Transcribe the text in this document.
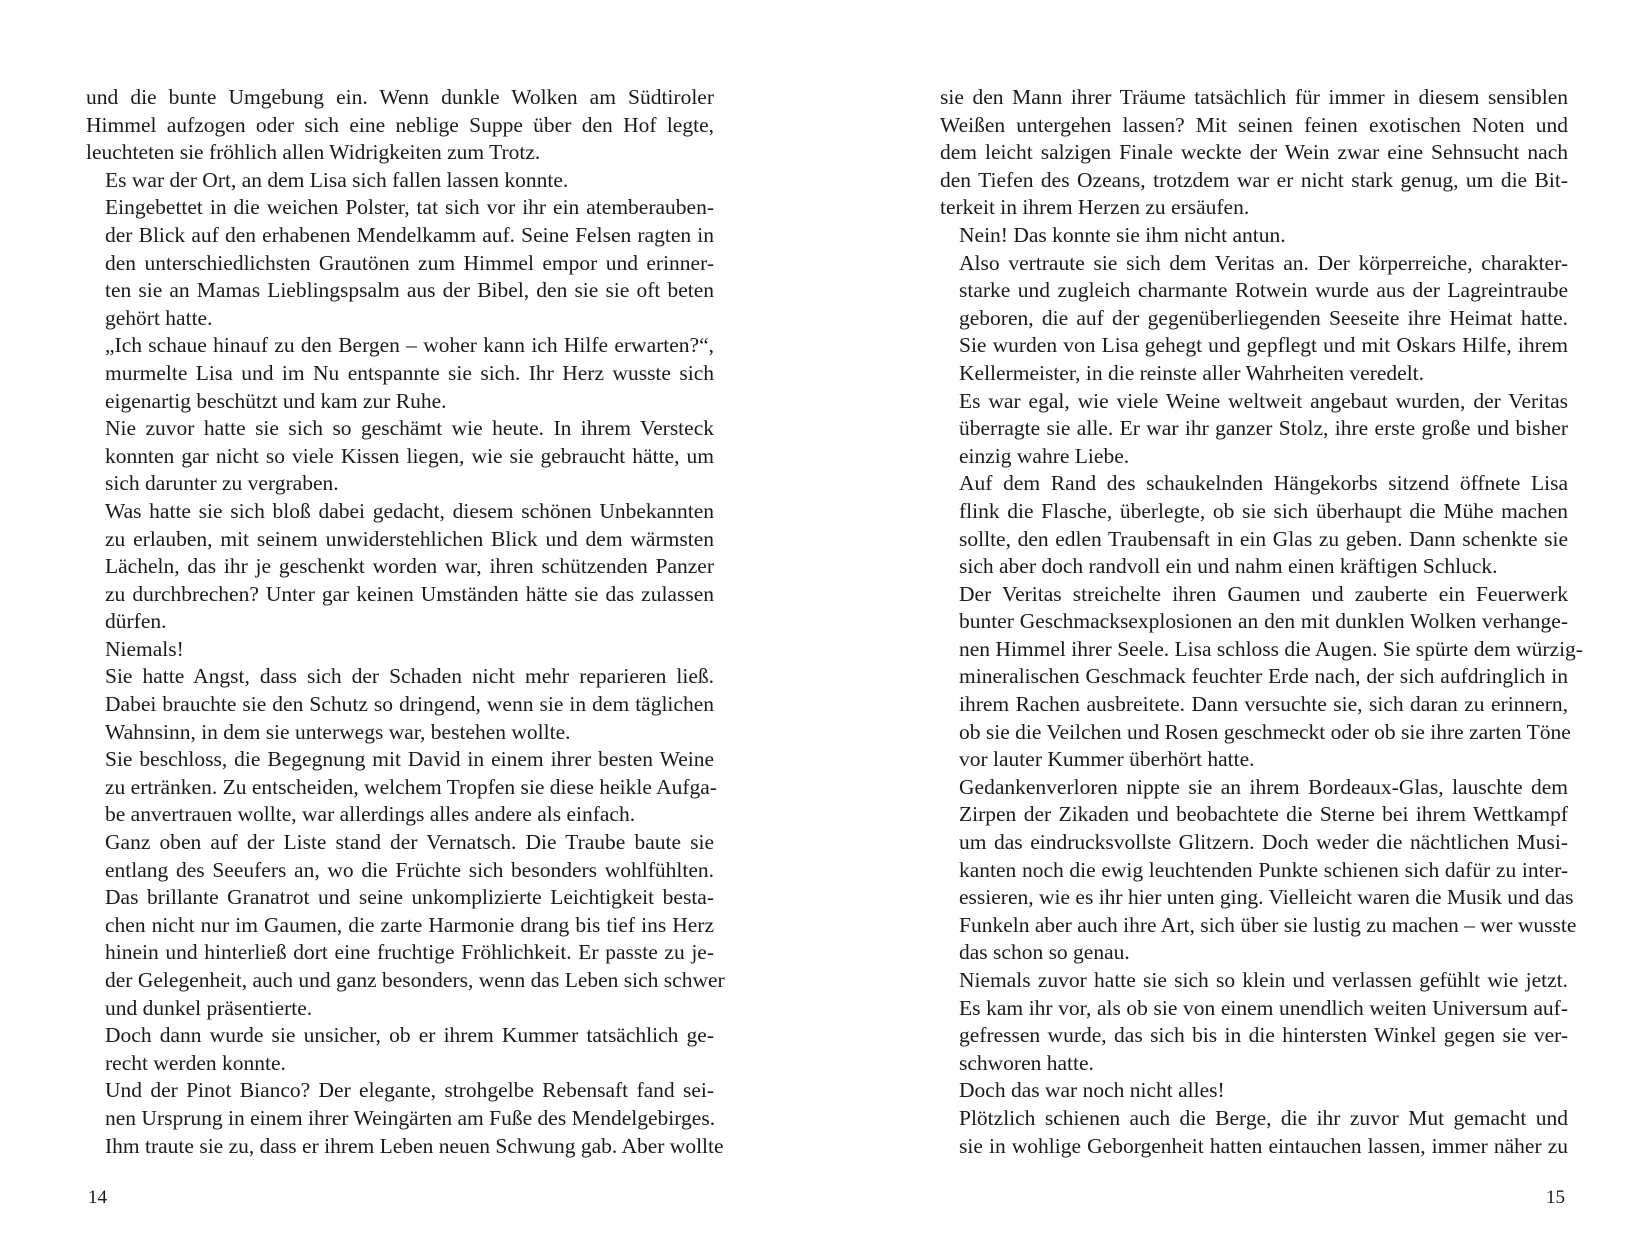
und die bunte Umgebung ein. Wenn dunkle Wolken am Südtiroler
Himmel aufzogen oder sich eine neblige Suppe über den Hof legte,
leuchteten sie fröhlich allen Widrigkeiten zum Trotz.
Es war der Ort, an dem Lisa sich fallen lassen konnte.
Eingebettet in die weichen Polster, tat sich vor ihr ein atemberauben-
der Blick auf den erhabenen Mendelkamm auf. Seine Felsen ragten in
den unterschiedlichsten Grautönen zum Himmel empor und erinner-
ten sie an Mamas Lieblingspsalm aus der Bibel, den sie sie oft beten
gehört hatte.
„Ich schaue hinauf zu den Bergen – woher kann ich Hilfe erwarten?“,
murmelte Lisa und im Nu entspannte sie sich. Ihr Herz wusste sich
eigenartig beschützt und kam zur Ruhe.
Nie zuvor hatte sie sich so geschämt wie heute. In ihrem Versteck
konnten gar nicht so viele Kissen liegen, wie sie gebraucht hätte, um
sich darunter zu vergraben.
Was hatte sie sich bloß dabei gedacht, diesem schönen Unbekannten
zu erlauben, mit seinem unwiderstehlichen Blick und dem wärmsten
Lächeln, das ihr je geschenkt worden war, ihren schützenden Panzer
zu durchbrechen? Unter gar keinen Umständen hätte sie das zulassen
dürfen.
Niemals!
Sie hatte Angst, dass sich der Schaden nicht mehr reparieren ließ.
Dabei brauchte sie den Schutz so dringend, wenn sie in dem täglichen
Wahnsinn, in dem sie unterwegs war, bestehen wollte.
Sie beschloss, die Begegnung mit David in einem ihrer besten Weine
zu ertränken. Zu entscheiden, welchem Tropfen sie diese heikle Aufga-
be anvertrauen wollte, war allerdings alles andere als einfach.
Ganz oben auf der Liste stand der Vernatsch. Die Traube baute sie
entlang des Seeufers an, wo die Früchte sich besonders wohlfühlten.
Das brillante Granatrot und seine unkomplizierte Leichtigkeit besta-
chen nicht nur im Gaumen, die zarte Harmonie drang bis tief ins Herz
hinein und hinterließ dort eine fruchtige Fröhlichkeit. Er passte zu je-
der Gelegenheit, auch und ganz besonders, wenn das Leben sich schwer
und dunkel präsentierte.
Doch dann wurde sie unsicher, ob er ihrem Kummer tatsächlich ge-
recht werden konnte.
Und der Pinot Bianco? Der elegante, strohgelbe Rebensaft fand sei-
nen Ursprung in einem ihrer Weingärten am Fuße des Mendelgebirges.
Ihm traute sie zu, dass er ihrem Leben neuen Schwung gab. Aber wollte
sie den Mann ihrer Träume tatsächlich für immer in diesem sensiblen
Weißen untergehen lassen? Mit seinen feinen exotischen Noten und
dem leicht salzigen Finale weckte der Wein zwar eine Sehnsucht nach
den Tiefen des Ozeans, trotzdem war er nicht stark genug, um die Bit-
terkeit in ihrem Herzen zu ersäufen.
Nein! Das konnte sie ihm nicht antun.
Also vertraute sie sich dem Veritas an. Der körperreiche, charakter-
starke und zugleich charmante Rotwein wurde aus der Lagreintraube
geboren, die auf der gegenüberliegenden Seeseite ihre Heimat hatte.
Sie wurden von Lisa gehegt und gepflegt und mit Oskars Hilfe, ihrem
Kellermeister, in die reinste aller Wahrheiten veredelt.
Es war egal, wie viele Weine weltweit angebaut wurden, der Veritas
überragte sie alle. Er war ihr ganzer Stolz, ihre erste große und bisher
einzig wahre Liebe.
Auf dem Rand des schaukelnden Hängekorbs sitzend öffnete Lisa
flink die Flasche, überlegte, ob sie sich überhaupt die Mühe machen
sollte, den edlen Traubensaft in ein Glas zu geben. Dann schenkte sie
sich aber doch randvoll ein und nahm einen kräftigen Schluck.
Der Veritas streichelte ihren Gaumen und zauberte ein Feuerwerk
bunter Geschmacksexplosionen an den mit dunklen Wolken verhange-
nen Himmel ihrer Seele. Lisa schloss die Augen. Sie spürte dem würzig-
mineralischen Geschmack feuchter Erde nach, der sich aufdringlich in
ihrem Rachen ausbreitete. Dann versuchte sie, sich daran zu erinnern,
ob sie die Veilchen und Rosen geschmeckt oder ob sie ihre zarten Töne
vor lauter Kummer überhört hatte.
Gedankenverloren nippte sie an ihrem Bordeaux-Glas, lauschte dem
Zirpen der Zikaden und beobachtete die Sterne bei ihrem Wettkampf
um das eindrucksvollste Glitzern. Doch weder die nächtlichen Musi-
kanten noch die ewig leuchtenden Punkte schienen sich dafür zu inter-
essieren, wie es ihr hier unten ging. Vielleicht waren die Musik und das
Funkeln aber auch ihre Art, sich über sie lustig zu machen – wer wusste
das schon so genau.
Niemals zuvor hatte sie sich so klein und verlassen gefühlt wie jetzt.
Es kam ihr vor, als ob sie von einem unendlich weiten Universum auf-
gefressen wurde, das sich bis in die hintersten Winkel gegen sie ver-
schworen hatte.
Doch das war noch nicht alles!
Plötzlich schienen auch die Berge, die ihr zuvor Mut gemacht und
sie in wohlige Geborgenheit hatten eintauchen lassen, immer näher zu
14	15
